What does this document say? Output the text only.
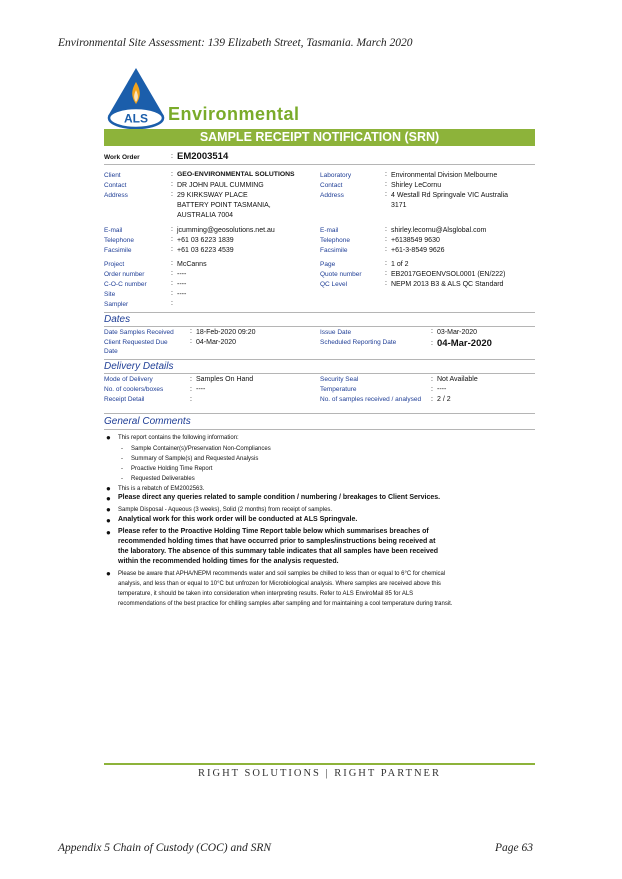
Environmental Site Assessment: 139 Elizabeth Street, Tasmania. March 2020
ALS Environmental
SAMPLE RECEIPT NOTIFICATION (SRN)
Work Order	: EM2003514
Client	: GEO-ENVIRONMENTAL SOLUTIONS
Contact	: DR JOHN PAUL CUMMING
Address	: 29 KIRKSWAY PLACE
BATTERY POINT TASMANIA,
AUSTRALIA 7004
E-mail	: jcumming@geosolutions.net.au
Telephone	: +61 03 6223 1839
Facsimile	: +61 03 6223 4539
Project	: McCanns
Order number	: ----
C-O-C number	: ----
Site	: ----
Sampler	:
Laboratory	: Environmental Division Melbourne
Contact	: Shirley LeCornu
Address	: 4 Westall Rd Springvale VIC Australia
3171
E-mail	: shirley.lecornu@Alsglobal.com
Telephone	: +6138549 9630
Facsimile	: +61-3-8549 9626
Page	: 1 of 2
Quote number	: EB2017GEOENVSOL0001 (EN/222)
QC Level	: NEPM 2013 B3 & ALS QC Standard
Dates
Date Samples Received : 18-Feb-2020 09:20
Client Requested Due
Date
: 04-Mar-2020
Issue Date	: 03-Mar-2020
Scheduled Reporting Date	: 04-Mar-2020
Delivery Details
Mode of Delivery	: Samples On Hand
No. of coolers/boxes	: ----
Receipt Detail	:
Security Seal	: Not Available
Temperature	: ----
No. of samples received / analysed : 2 / 2
General Comments
● This report contains the following information:
- Sample Container(s)/Preservation Non-Compliances
- Summary of Sample(s) and Requested Analysis
- Proactive Holding Time Report
- Requested Deliverables
● This is a rebatch of EM2002563.
● Please direct any queries related to sample condition / numbering / breakages to Client Services.
● Sample Disposal - Aqueous (3 weeks), Solid (2 months) from receipt of samples.
● Analytical work for this work order will be conducted at ALS Springvale.
● Please refer to the Proactive Holding Time Report table below which summarises breaches of
recommended holding times that have occurred prior to samples/instructions being received at
the laboratory. The absence of this summary table indicates that all samples have been received
within the recommended holding times for the analysis requested.
● Please be aware that APHA/NEPM recommends water and soil samples be chilled to less than or equal to 6°C for chemical
analysis, and less than or equal to 10°C but unfrozen for Microbiological analysis. Where samples are received above this
temperature, it should be taken into consideration when interpreting results. Refer to ALS EnviroMail 85 for ALS
recommendations of the best practice for chilling samples after sampling and for maintaining a cool temperature during transit.
RIGHT SOLUTIONS | RIGHT PARTNER
Appendix 5 Chain of Custody (COC) and SRN	Page 63
